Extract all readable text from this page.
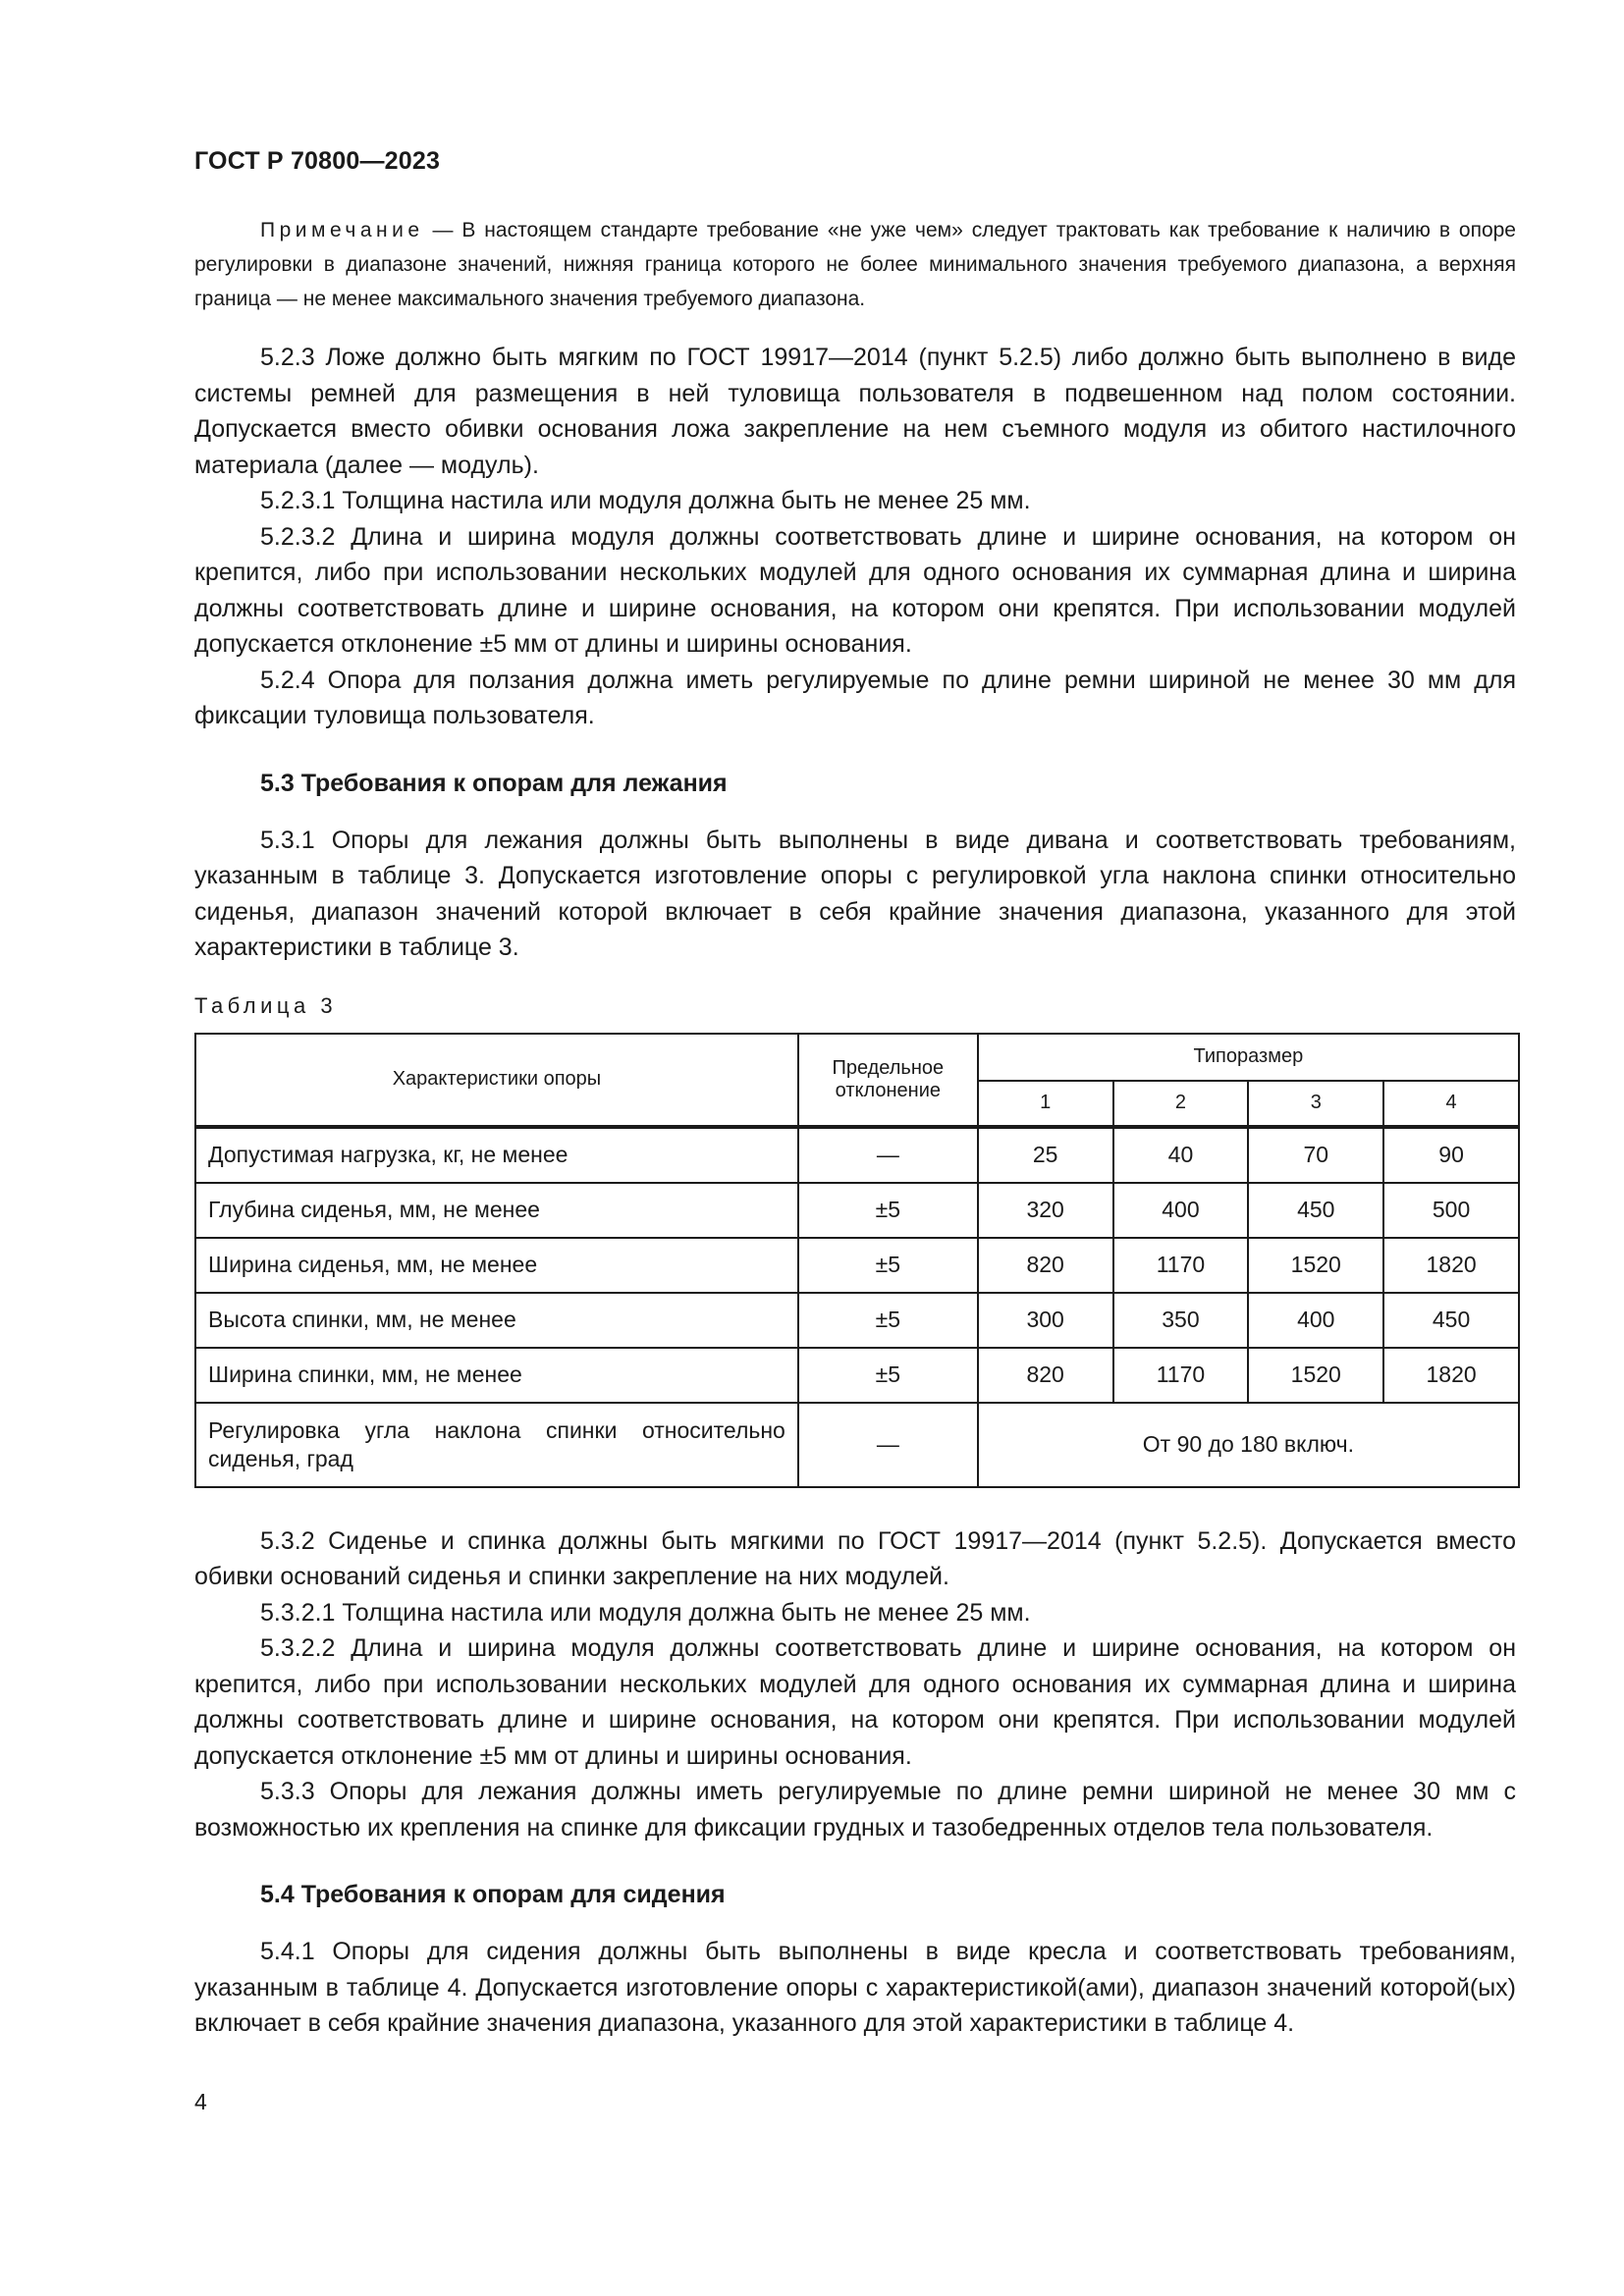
ГОСТ Р 70800—2023

Примечание — В настоящем стандарте требование «не уже чем» следует трактовать как требование к наличию в опоре регулировки в диапазоне значений, нижняя граница которого не более минимального значения требуемого диапазона, а верхняя граница — не менее максимального значения требуемого диапазона.

5.2.3 Ложе должно быть мягким по ГОСТ 19917—2014 (пункт 5.2.5) либо должно быть выполнено в виде системы ремней для размещения в ней туловища пользователя в подвешенном над полом состоянии. Допускается вместо обивки основания ложа закрепление на нем съемного модуля из обитого настилочного материала (далее — модуль).

5.2.3.1 Толщина настила или модуля должна быть не менее 25 мм.

5.2.3.2 Длина и ширина модуля должны соответствовать длине и ширине основания, на котором он крепится, либо при использовании нескольких модулей для одного основания их суммарная длина и ширина должны соответствовать длине и ширине основания, на котором они крепятся. При использовании модулей допускается отклонение ±5 мм от длины и ширины основания.

5.2.4 Опора для ползания должна иметь регулируемые по длине ремни шириной не менее 30 мм для фиксации туловища пользователя.

5.3 Требования к опорам для лежания

5.3.1 Опоры для лежания должны быть выполнены в виде дивана и соответствовать требованиям, указанным в таблице 3. Допускается изготовление опоры с регулировкой угла наклона спинки относительно сиденья, диапазон значений которой включает в себя крайние значения диапазона, указанного для этой характеристики в таблице 3.

Таблица 3
Характеристики опоры	Предельное отклонение	Типоразмер			
		1	2	3	4
Допустимая нагрузка, кг, не менее	—	25	40	70	90
Глубина сиденья, мм, не менее	±5	320	400	450	500
Ширина сиденья, мм, не менее	±5	820	1170	1520	1820
Высота спинки, мм, не менее	±5	300	350	400	450
Ширина спинки, мм, не менее	±5	820	1170	1520	1820
Регулировка угла наклона спинки относительно сиденья, град	—	От 90 до 180 включ.			

5.3.2 Сиденье и спинка должны быть мягкими по ГОСТ 19917—2014 (пункт 5.2.5). Допускается вместо обивки оснований сиденья и спинки закрепление на них модулей.

5.3.2.1 Толщина настила или модуля должна быть не менее 25 мм.

5.3.2.2 Длина и ширина модуля должны соответствовать длине и ширине основания, на котором он крепится, либо при использовании нескольких модулей для одного основания их суммарная длина и ширина должны соответствовать длине и ширине основания, на котором они крепятся. При использовании модулей допускается отклонение ±5 мм от длины и ширины основания.

5.3.3 Опоры для лежания должны иметь регулируемые по длине ремни шириной не менее 30 мм с возможностью их крепления на спинке для фиксации грудных и тазобедренных отделов тела пользователя.

5.4 Требования к опорам для сидения

5.4.1 Опоры для сидения должны быть выполнены в виде кресла и соответствовать требованиям, указанным в таблице 4. Допускается изготовление опоры с характеристикой(ами), диапазон значений которой(ых) включает в себя крайние значения диапазона, указанного для этой характеристики в таблице 4.

4
